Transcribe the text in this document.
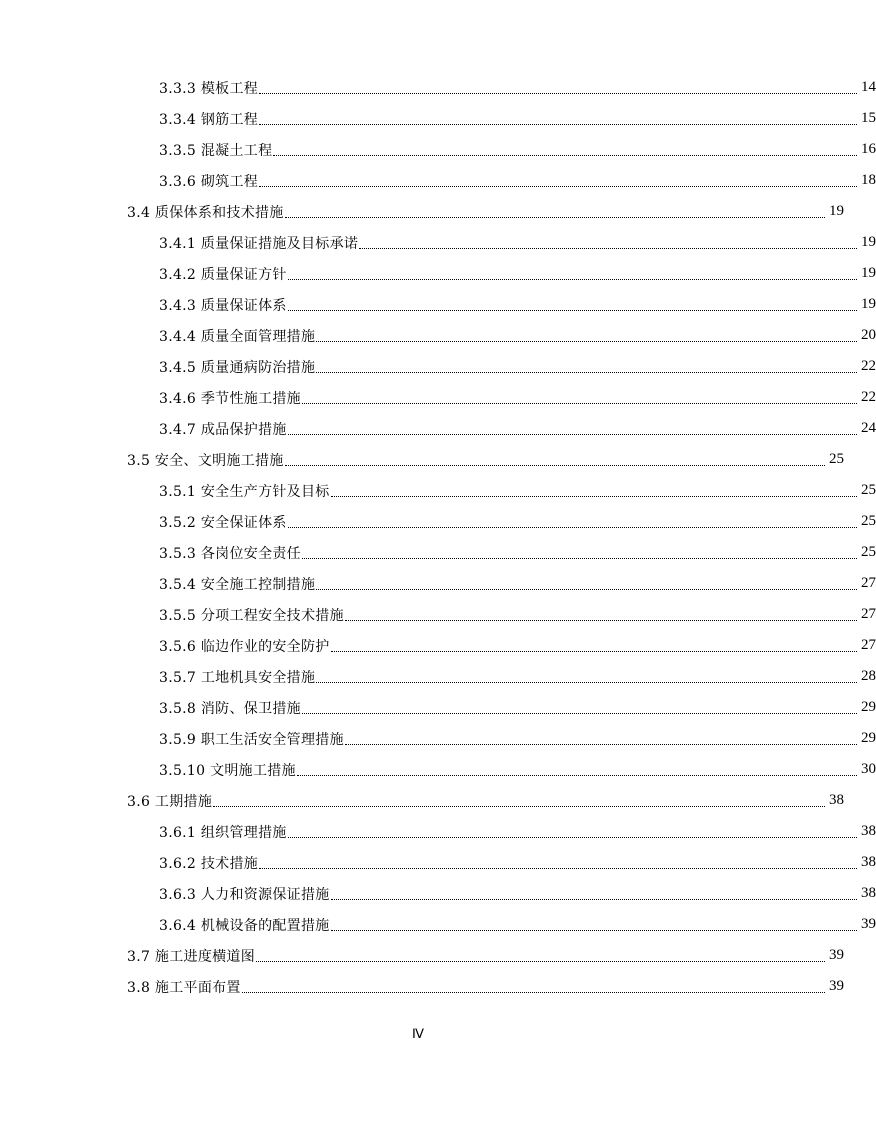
3.3.3 模板工程	14
3.3.4 钢筋工程	15
3.3.5 混凝土工程	16
3.3.6 砌筑工程	18
3.4 质保体系和技术措施	19
3.4.1 质量保证措施及目标承诺	19
3.4.2 质量保证方针	19
3.4.3 质量保证体系	19
3.4.4 质量全面管理措施	20
3.4.5 质量通病防治措施	22
3.4.6 季节性施工措施	22
3.4.7 成品保护措施	24
3.5 安全、文明施工措施	25
3.5.1 安全生产方针及目标	25
3.5.2 安全保证体系	25
3.5.3 各岗位安全责任	25
3.5.4 安全施工控制措施	27
3.5.5 分项工程安全技术措施	27
3.5.6 临边作业的安全防护	27
3.5.7 工地机具安全措施	28
3.5.8 消防、保卫措施	29
3.5.9 职工生活安全管理措施	29
3.5.10 文明施工措施	30
3.6 工期措施	38
3.6.1 组织管理措施	38
3.6.2 技术措施	38
3.6.3 人力和资源保证措施	38
3.6.4 机械设备的配置措施	39
3.7 施工进度横道图	39
3.8 施工平面布置	39
Ⅳ
